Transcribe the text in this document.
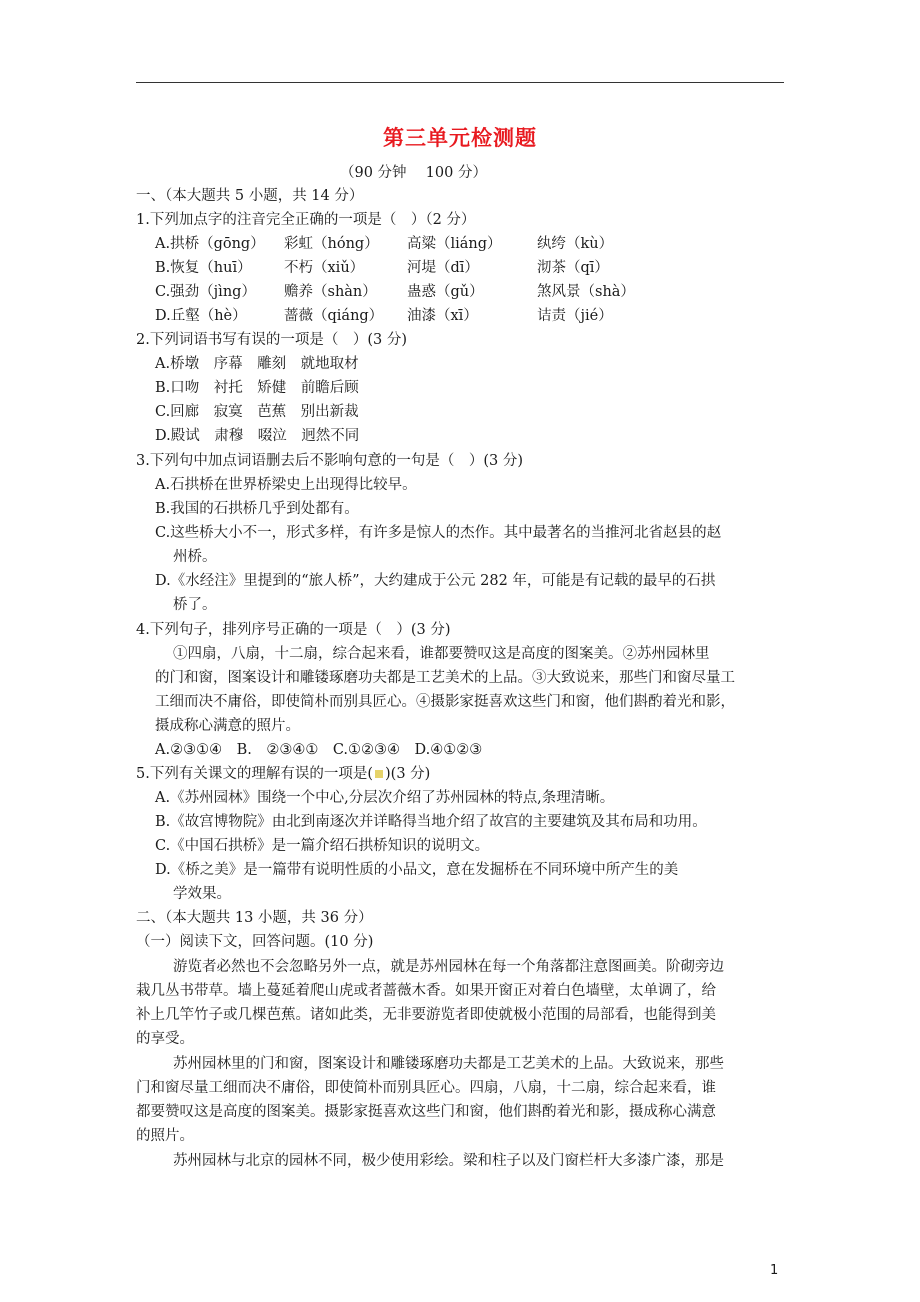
第三单元检测题
（90 分钟　 100 分）
一、（本大题共 5 小题，共 14 分）
1.下列加点字的注音完全正确的一项是（　）（2 分）
A.拱桥（gōng） 彩虹（hóng） 高粱（liáng） 纨绔（kù）
B.恢复（huī） 不朽（xiǔ）	河堤（dī）	沏茶（qī）
C.强劲（jìng） 赡养（shàn） 蛊惑（gǔ）	煞风景（shà）
D.丘壑（hè）	蔷薇（qiáng） 油漆（xī）	诘责（jié）
2.下列词语书写有误的一项是（　）(3 分)
A.桥墩　序幕　雕刻　就地取材
B.口吻　衬托　矫健　前瞻后顾
C.回廊　寂寞　芭蕉　别出新裁
D.殿试　肃穆　啜泣　迥然不同
3.下列句中加点词语删去后不影响句意的一句是（　）(3 分)
A.石拱桥在世界桥梁史上出现得比较早。
B.我国的石拱桥几乎到处都有。
C.这些桥大小不一，形式多样，有许多是惊人的杰作。其中最著名的当推河北省赵县的赵
州桥。
D.《水经注》里提到的“旅人桥”，大约建成于公元 282 年，可能是有记载的最早的石拱
桥了。
4.下列句子，排列序号正确的一项是（　）(3 分)
①四扇，八扇，十二扇，综合起来看，谁都要赞叹这是高度的图案美。②苏州园林里
的门和窗，图案设计和雕镂琢磨功夫都是工艺美术的上品。③大致说来，那些门和窗尽量工
工细而决不庸俗，即使简朴而别具匠心。④摄影家挺喜欢这些门和窗，他们斟酌着光和影，
摄成称心满意的照片。
A.②③①④　B.　②③④①　C.①②③④　D.④①②③
5.下列有关课文的理解有误的一项是( )(3 分)
A.《苏州园林》围绕一个中心,分层次介绍了苏州园林的特点,条理清晰。
B.《故宫博物院》由北到南逐次并详略得当地介绍了故宫的主要建筑及其布局和功用。
C.《中国石拱桥》是一篇介绍石拱桥知识的说明文。
D.《桥之美》是一篇带有说明性质的小品文，意在发掘桥在不同环境中所产生的美
学效果。
二、（本大题共 13 小题，共 36 分）
（一）阅读下文，回答问题。(10 分)
游览者必然也不会忽略另外一点，就是苏州园林在每一个角落都注意图画美。阶砌旁边
栽几丛书带草。墙上蔓延着爬山虎或者蔷薇木香。如果开窗正对着白色墙壁，太单调了，给
补上几竿竹子或几棵芭蕉。诸如此类，无非要游览者即使就极小范围的局部看，也能得到美
的享受。
苏州园林里的门和窗，图案设计和雕镂琢磨功夫都是工艺美术的上品。大致说来，那些
门和窗尽量工细而决不庸俗，即使简朴而别具匠心。四扇，八扇，十二扇，综合起来看，谁
都要赞叹这是高度的图案美。摄影家挺喜欢这些门和窗，他们斟酌着光和影，摄成称心满意
的照片。
苏州园林与北京的园林不同，极少使用彩绘。梁和柱子以及门窗栏杆大多漆广漆，那是
1
